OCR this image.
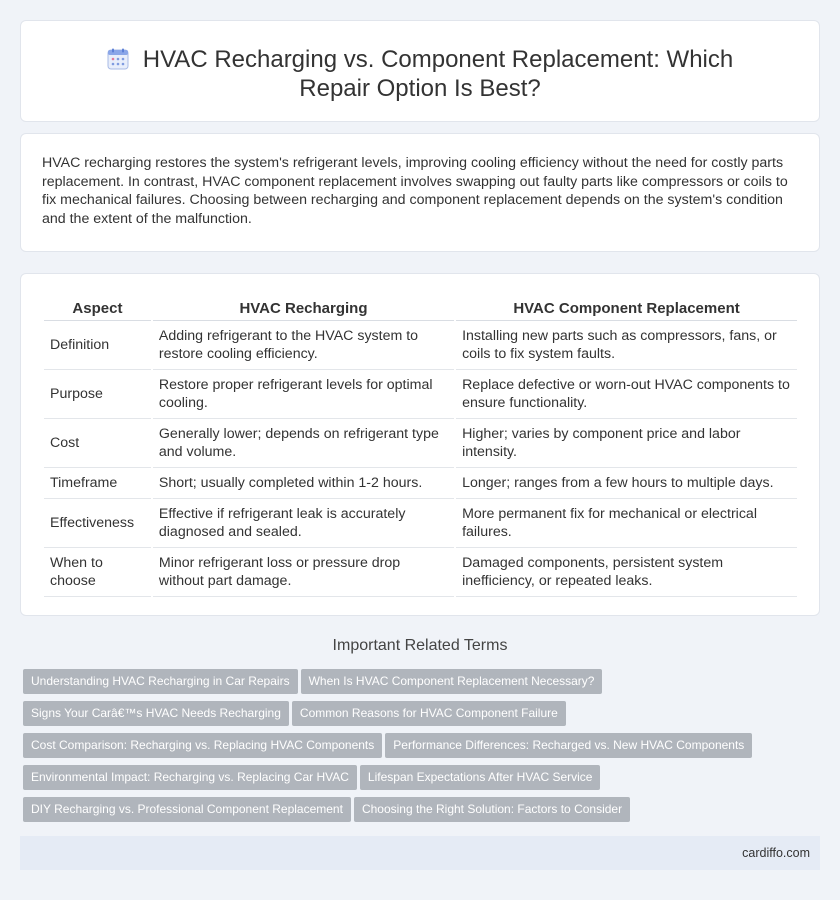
HVAC Recharging vs. Component Replacement: Which Repair Option Is Best?

HVAC recharging restores the system's refrigerant levels, improving cooling efficiency without the need for costly parts replacement. In contrast, HVAC component replacement involves swapping out faulty parts like compressors or coils to fix mechanical failures. Choosing between recharging and component replacement depends on the system's condition and the extent of the malfunction.

Aspect	HVAC Recharging	HVAC Component Replacement
Definition	Adding refrigerant to the HVAC system to restore cooling efficiency.	Installing new parts such as compressors, fans, or coils to fix system faults.
Purpose	Restore proper refrigerant levels for optimal cooling.	Replace defective or worn-out HVAC components to ensure functionality.
Cost	Generally lower; depends on refrigerant type and volume.	Higher; varies by component price and labor intensity.
Timeframe	Short; usually completed within 1-2 hours.	Longer; ranges from a few hours to multiple days.
Effectiveness	Effective if refrigerant leak is accurately diagnosed and sealed.	More permanent fix for mechanical or electrical failures.
When to choose	Minor refrigerant loss or pressure drop without part damage.	Damaged components, persistent system inefficiency, or repeated leaks.
Important Related Terms
Understanding HVAC Recharging in Car Repairs When Is HVAC Component Replacement Necessary?
Signs Your Carâ€™s HVAC Needs Recharging Common Reasons for HVAC Component Failure
Cost Comparison: Recharging vs. Replacing HVAC Components Performance Differences: Recharged vs. New HVAC Components
Environmental Impact: Recharging vs. Replacing Car HVAC Lifespan Expectations After HVAC Service
DIY Recharging vs. Professional Component Replacement Choosing the Right Solution: Factors to Consider
cardiffo.com
